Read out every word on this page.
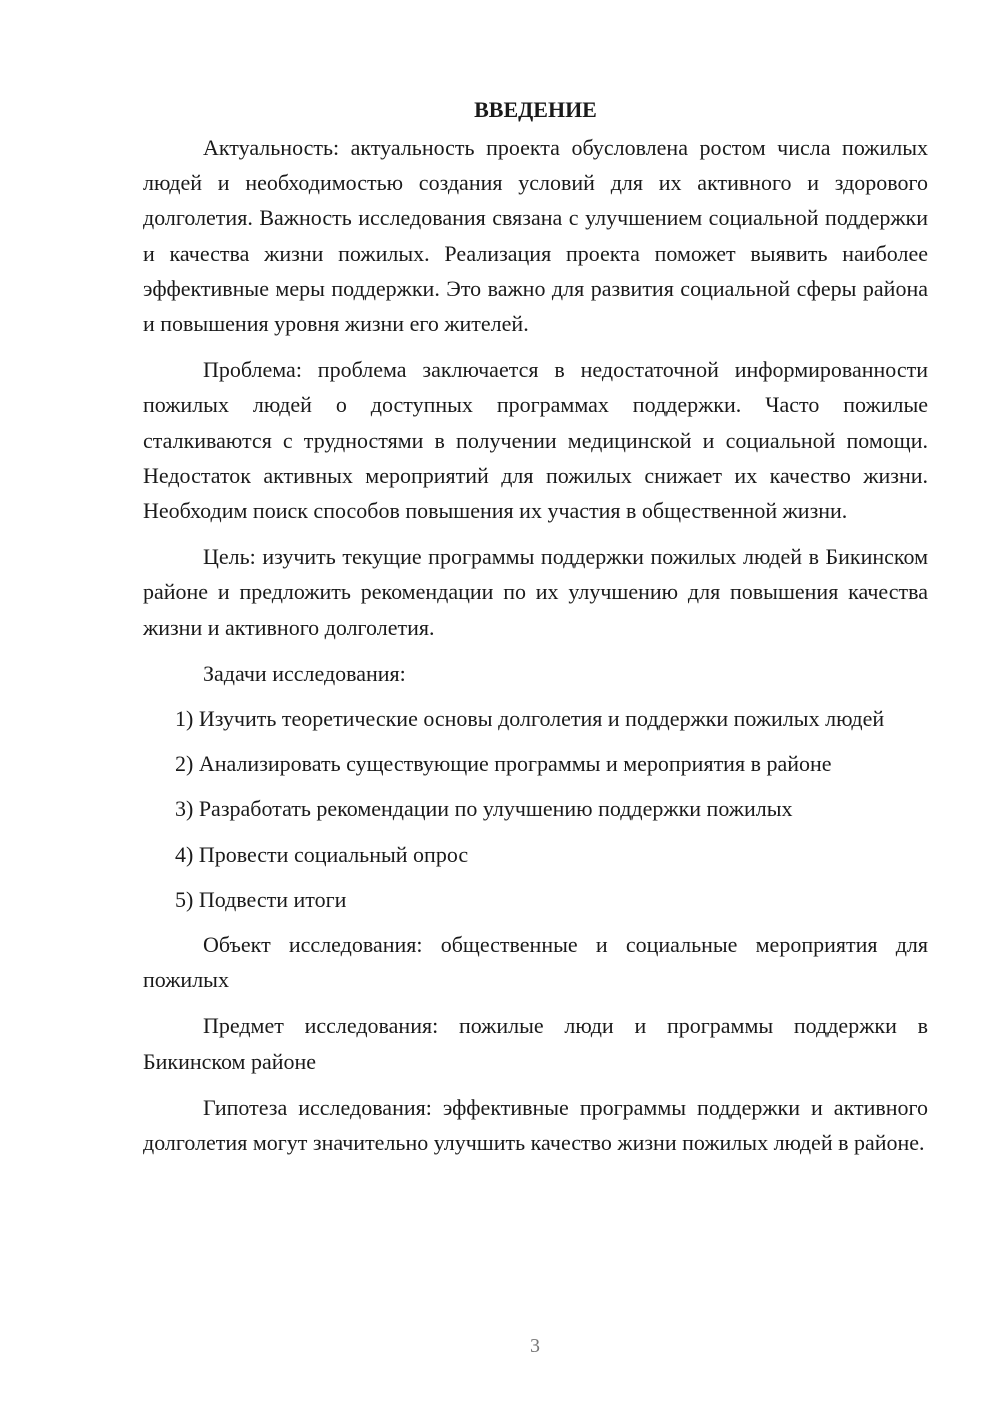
ВВЕДЕНИЕ

Актуальность: актуальность проекта обусловлена ростом числа пожилых людей и необходимостью создания условий для их активного и здорового долголетия. Важность исследования связана с улучшением социальной поддержки и качества жизни пожилых. Реализация проекта поможет выявить наиболее эффективные меры поддержки. Это важно для развития социальной сферы района и повышения уровня жизни его жителей.

Проблема: проблема заключается в недостаточной информированности пожилых людей о доступных программах поддержки. Часто пожилые сталкиваются с трудностями в получении медицинской и социальной помощи. Недостаток активных мероприятий для пожилых снижает их качество жизни. Необходим поиск способов повышения их участия в общественной жизни.

Цель: изучить текущие программы поддержки пожилых людей в Бикинском районе и предложить рекомендации по их улучшению для повышения качества жизни и активного долголетия.

Задачи исследования:

1) Изучить теоретические основы долголетия и поддержки пожилых людей

2) Анализировать существующие программы и мероприятия в районе

3) Разработать рекомендации по улучшению поддержки пожилых

4) Провести социальный опрос

5) Подвести итоги

Объект исследования: общественные и социальные мероприятия для пожилых

Предмет исследования: пожилые люди и программы поддержки в Бикинском районе

Гипотеза исследования: эффективные программы поддержки и активного долголетия могут значительно улучшить качество жизни пожилых людей в районе.

3
